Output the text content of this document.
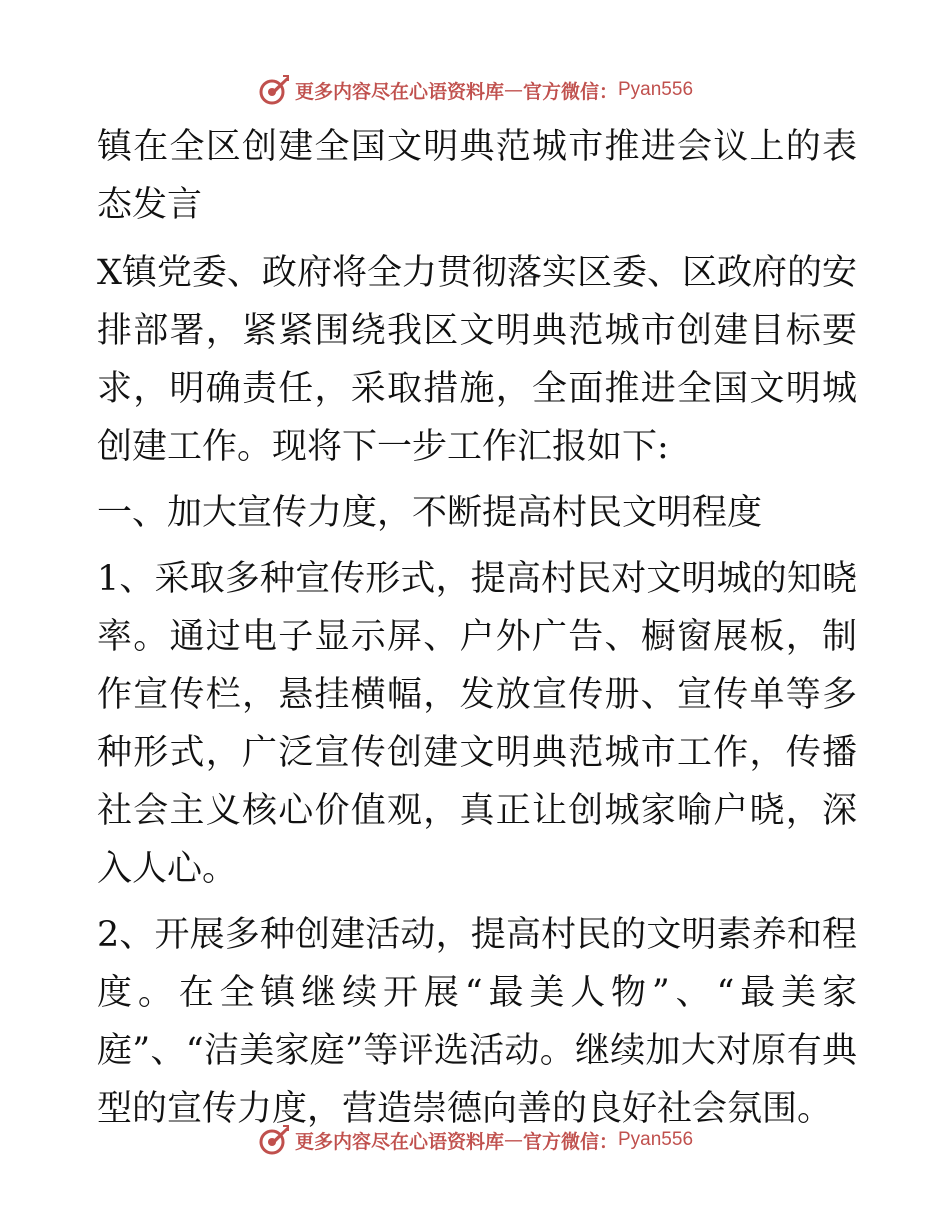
更多内容尽在心语资料库 — 官方微信： Pyan556

镇在全区创建全国文明典范城市推进会议上的表态发言

X镇党委、政府将全力贯彻落实区委、区政府的安排部署，紧紧围绕我区文明典范城市创建目标要求，明确责任，采取措施，全面推进全国文明城创建工作。现将下一步工作汇报如下:

一、加大宣传力度，不断提高村民文明程度

1、采取多种宣传形式，提高村民对文明城的知晓率。通过电子显示屏、户外广告、橱窗展板，制作宣传栏，悬挂横幅，发放宣传册、宣传单等多种形式，广泛宣传创建文明典范城市工作，传播社会主义核心价值观，真正让创城家喻户晓，深入人心。

2、开展多种创建活动，提高村民的文明素养和程度。在全镇继续开展“最美人物”、“最美家庭”、“洁美家庭”等评选活动。继续加大对原有典型的宣传力度，营造崇德向善的良好社会氛围。

更多内容尽在心语资料库 — 官方微信： Pyan556
